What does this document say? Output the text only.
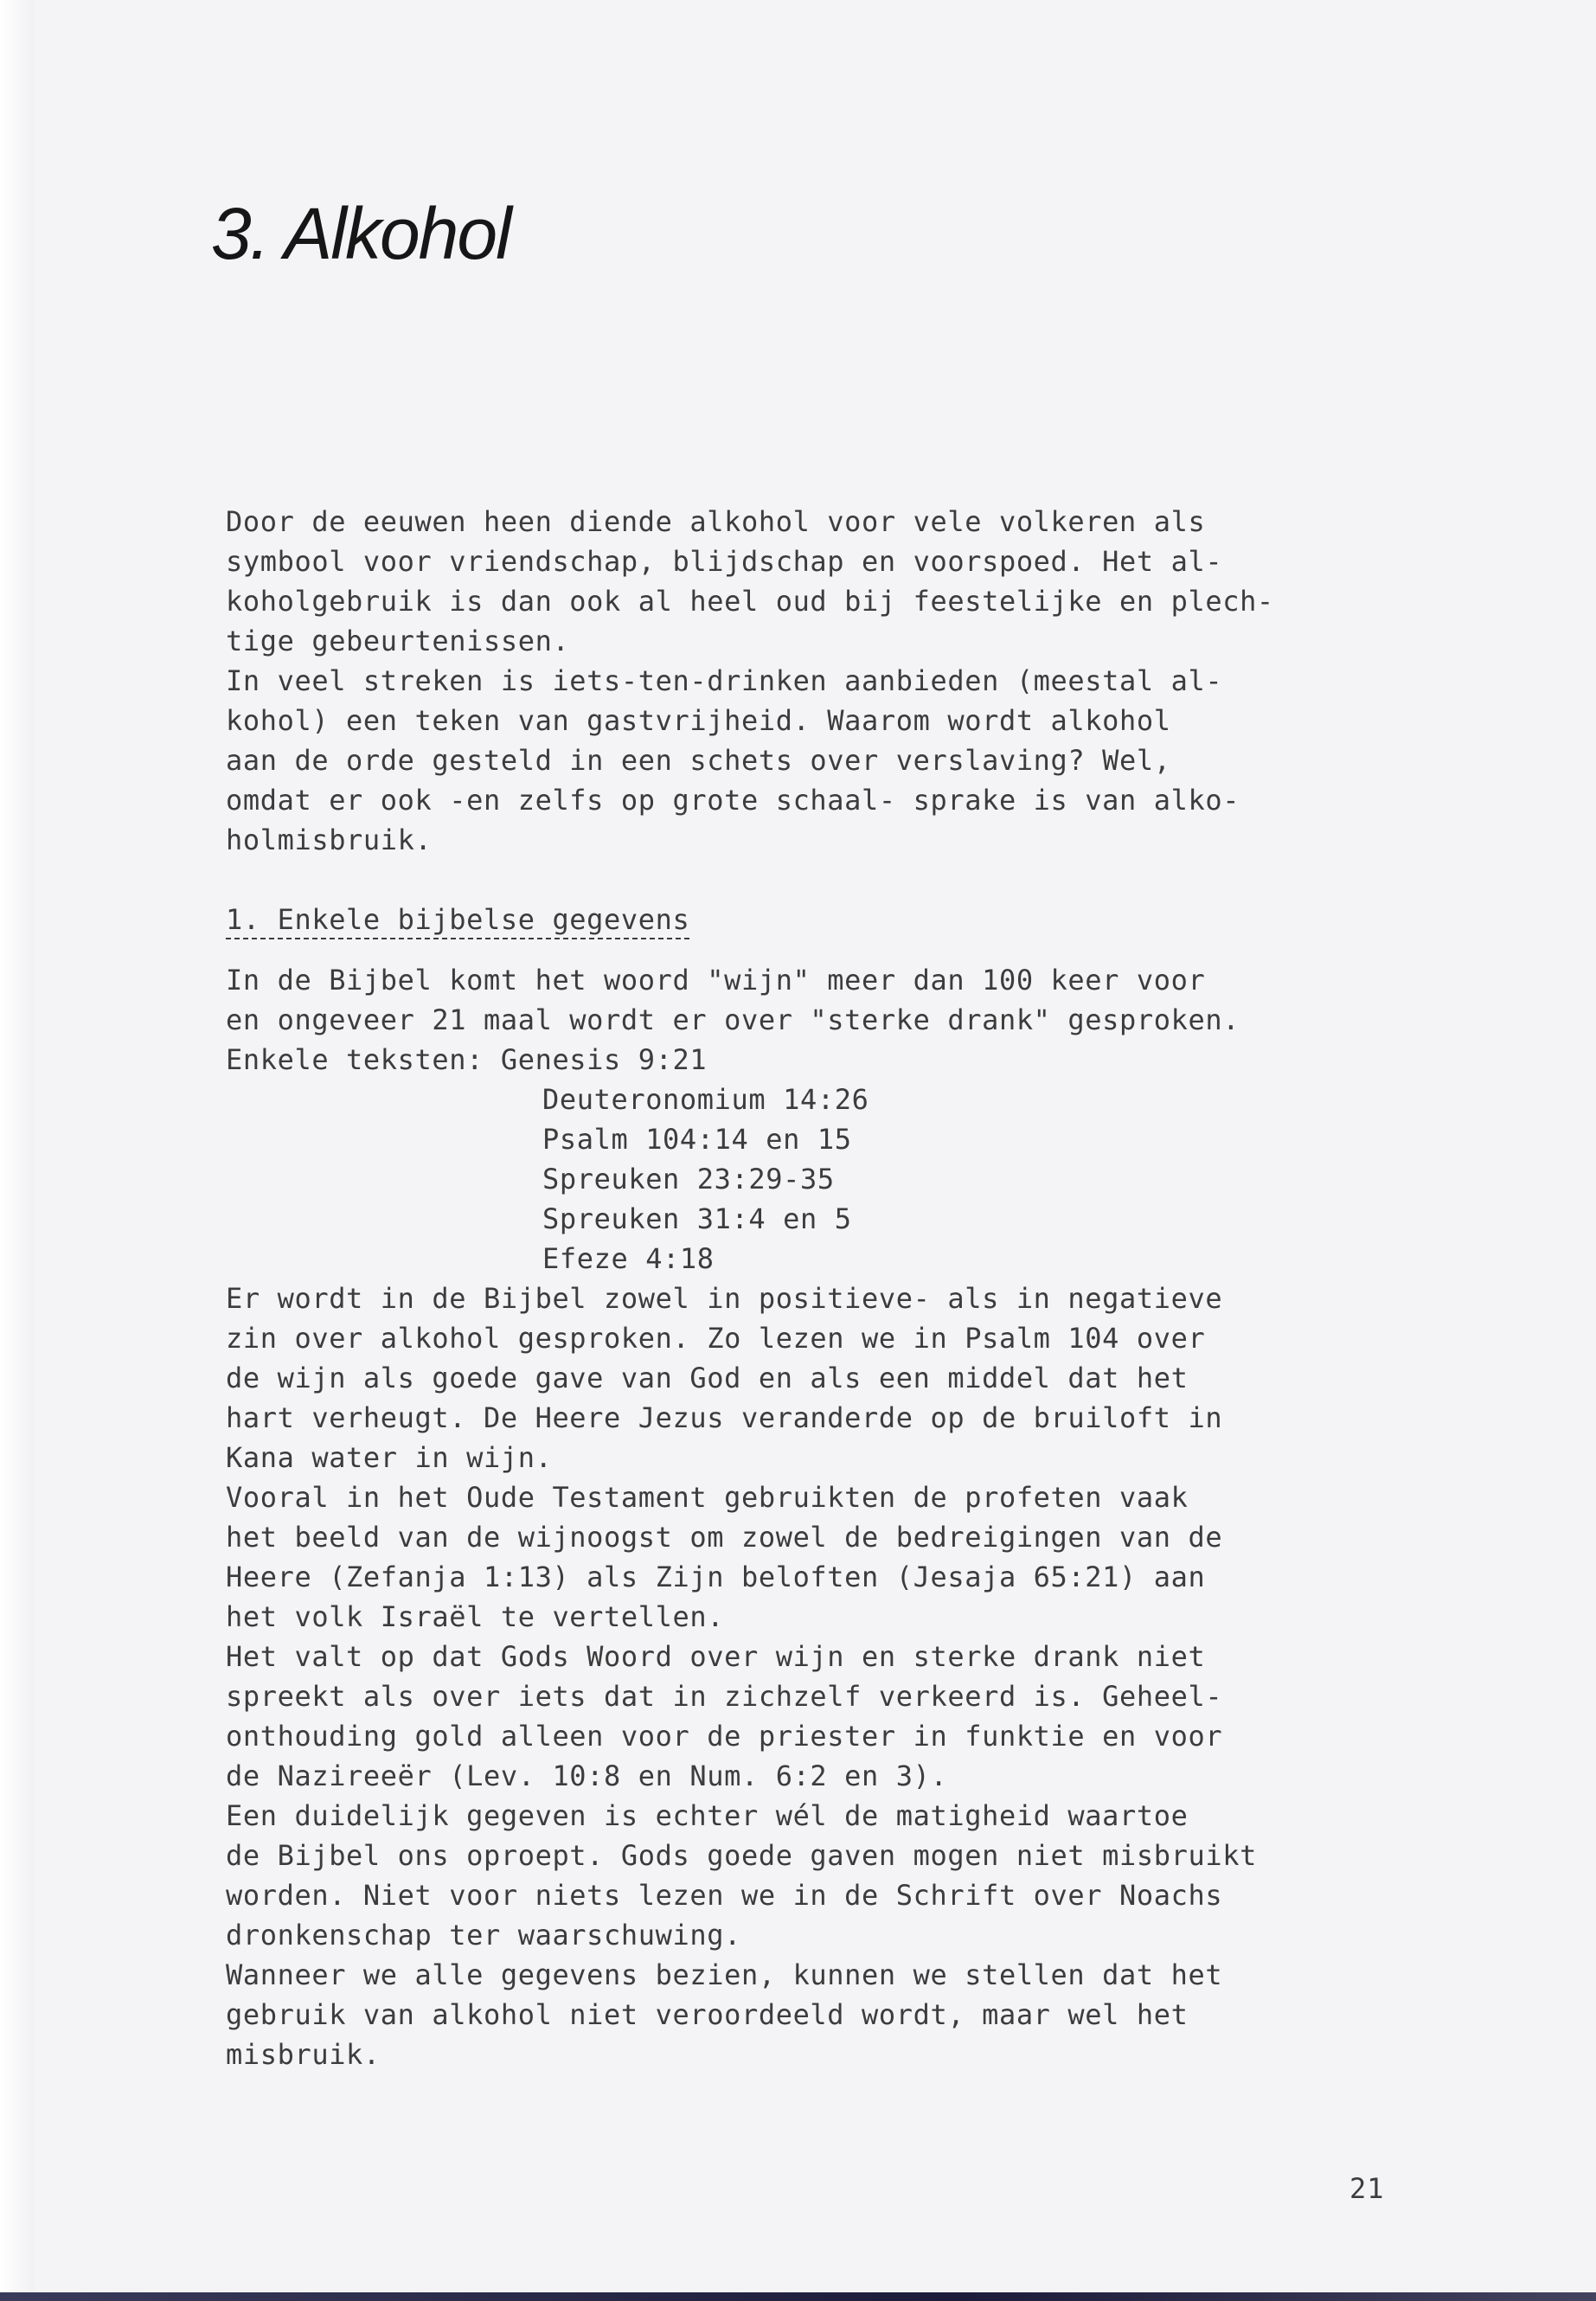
3. Alkohol
Door de eeuwen heen diende alkohol voor vele volkeren als
symbool voor vriendschap, blijdschap en voorspoed. Het al-
koholgebruik is dan ook al heel oud bij feestelijke en plech-
tige gebeurtenissen.
In veel streken is iets-ten-drinken aanbieden (meestal al-
kohol) een teken van gastvrijheid. Waarom wordt alkohol
aan de orde gesteld in een schets over verslaving? Wel,
omdat er ook -en zelfs op grote schaal- sprake is van alko-
holmisbruik.
1. Enkele bijbelse gegevens
In de Bijbel komt het woord "wijn" meer dan 100 keer voor
en ongeveer 21 maal wordt er over "sterke drank" gesproken.
Enkele teksten: Genesis 9:21
Deuteronomium 14:26
Psalm 104:14 en 15
Spreuken 23:29-35
Spreuken 31:4 en 5
Efeze 4:18
Er wordt in de Bijbel zowel in positieve- als in negatieve
zin over alkohol gesproken. Zo lezen we in Psalm 104 over
de wijn als goede gave van God en als een middel dat het
hart verheugt. De Heere Jezus veranderde op de bruiloft in
Kana water in wijn.
Vooral in het Oude Testament gebruikten de profeten vaak
het beeld van de wijnoogst om zowel de bedreigingen van de
Heere (Zefanja 1:13) als Zijn beloften (Jesaja 65:21) aan
het volk Israël te vertellen.
Het valt op dat Gods Woord over wijn en sterke drank niet
spreekt als over iets dat in zichzelf verkeerd is. Geheel-
onthouding gold alleen voor de priester in funktie en voor
de Nazireeër (Lev. 10:8 en Num. 6:2 en 3).
Een duidelijk gegeven is echter wél de matigheid waartoe
de Bijbel ons oproept. Gods goede gaven mogen niet misbruikt
worden. Niet voor niets lezen we in de Schrift over Noachs
dronkenschap ter waarschuwing.
Wanneer we alle gegevens bezien, kunnen we stellen dat het
gebruik van alkohol niet veroordeeld wordt, maar wel het
misbruik.
21
